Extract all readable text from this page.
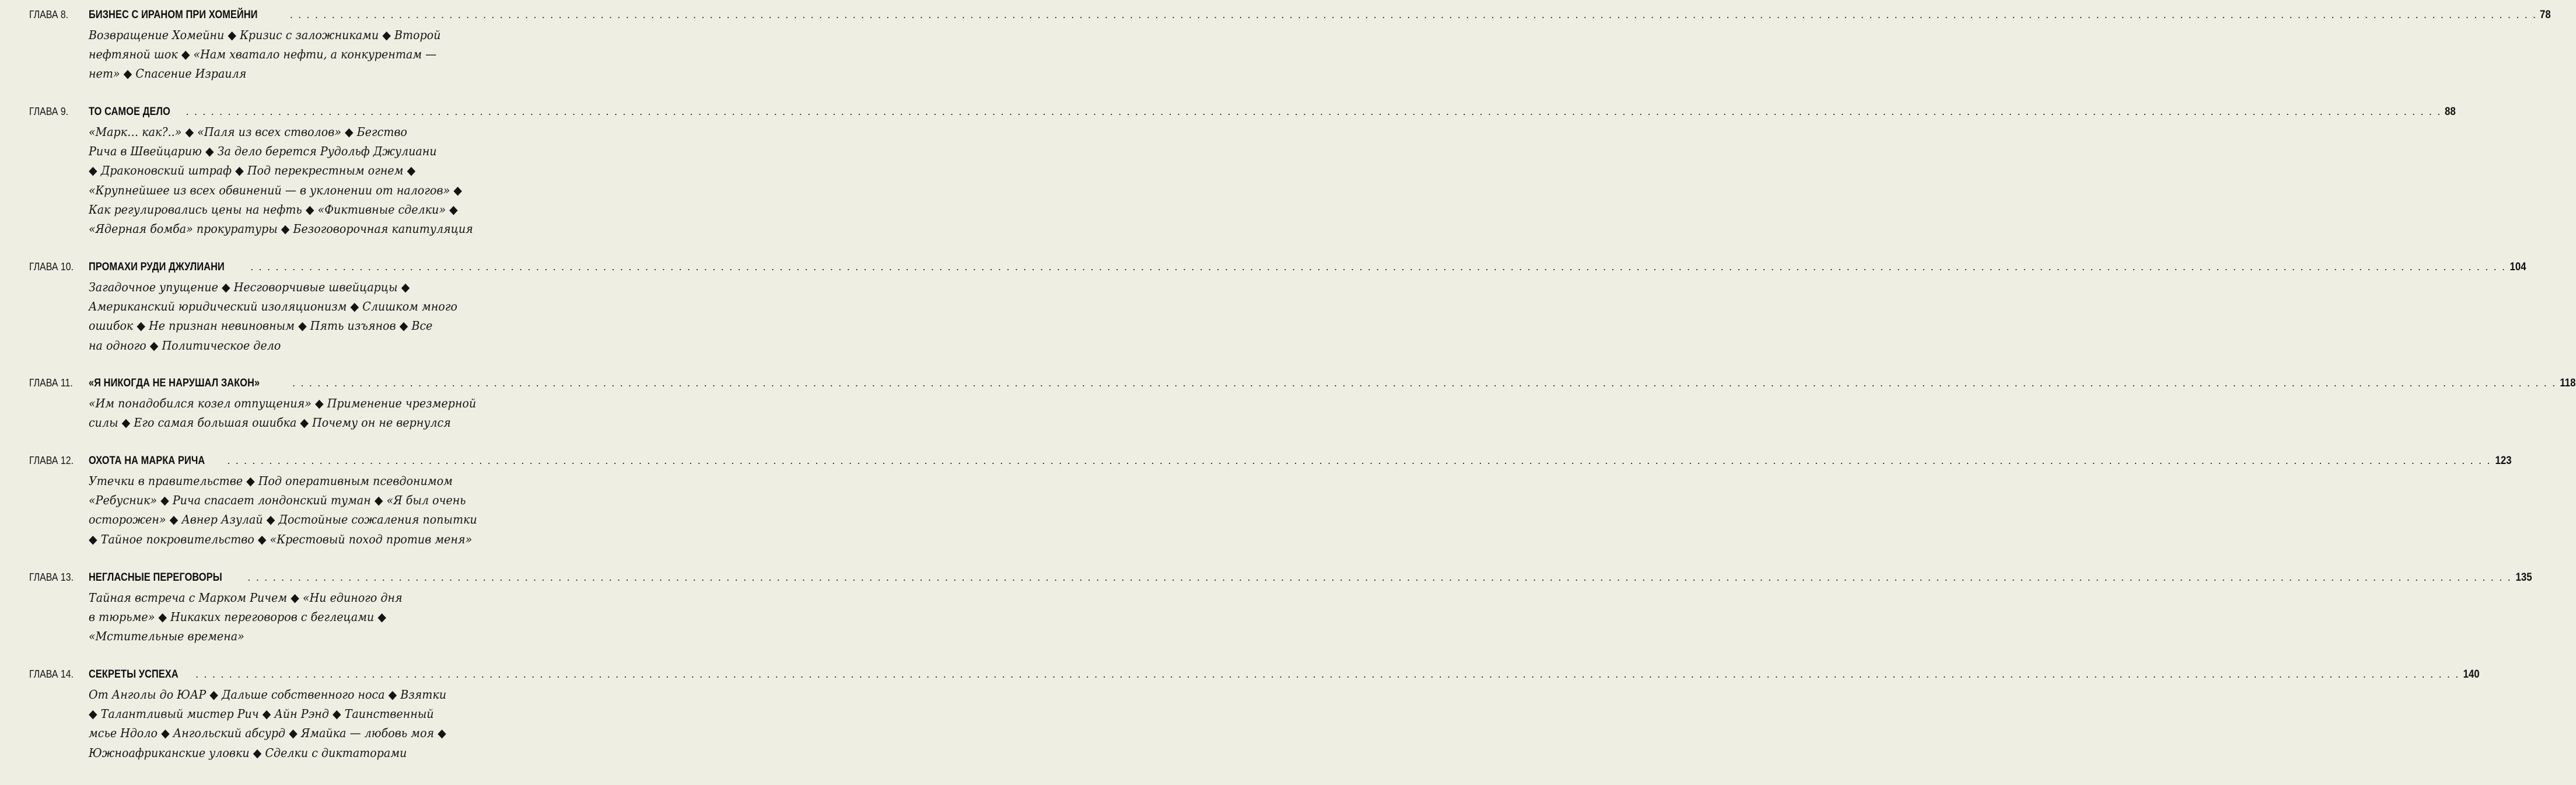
ГЛАВА 8.	БИЗНЕС С ИРАНОМ ПРИ ХОМЕЙНИ	. . . . . . . . . . . . . . . . . . . . . . . . . . . . . . . . . . . . . . . . . . . . . . . . . . . . . . . . . . . . . . . . . . . . . . . . . . . . . . . . . . . . . . . . . . . . . . . . . . . . . . . . . . . . . . . . . . . . . . . . . . . . . . . . . . . . . . . . . . . . . . . . . . . . . . . . . . . . . . . . . . . . . . . . . . . . . . . . . . . . . . . . . . . . . . . . . . . . . . . . . . . . . . . . . . . . . . . . . . . . . . . . . . . . . . . . . . . . . . . . . . . . . . . . . . . . . . . . . . . . . . . . . . . . 78
Возвращение Хомейни ◆ Кризис с заложниками ◆ Второй
нефтяной шок ◆ «Нам хватало нефти, а конкурентам —
нет» ◆ Спасение Израиля
ГЛАВА 9.	ТО САМОЕ ДЕЛО . . . . . . . . . . . . . . . . . . . . . . . . . . . . . . . . . . . . . . . . . . . . . . . . . . . . . . . . . . . . . . . . . . . . . . . . . . . . . . . . . . . . . . . . . . . . . . . . . . . . . . . . . . . . . . . . . . . . . . . . . . . . . . . . . . . . . . . . . . . . . . . . . . . . . . . . . . . . . . . . . . . . . . . . . . . . . . . . . . . . . . . . . . . . . . . . . . . . . . . . . . . . . . . . . . . . . . . . . . . . . . . . . . . . . . . . . . . . . . . . . . . . . . . . . . . . . . . . . . . . . . . . . . . . . 88
«Марк… как?..» ◆ «Паля из всех стволов» ◆ Бегство
Рича в Швейцарию ◆ За дело берется Рудольф Джулиани
◆ Драконовский штраф ◆ Под перекрестным огнем ◆
«Крупнейшее из всех обвинений — в уклонении от налогов» ◆
Как регулировались цены на нефть ◆ «Фиктивные сделки» ◆
«Ядерная бомба» прокуратуры ◆ Безоговорочная капитуляция
ГЛАВА 10.	ПРОМАХИ РУДИ ДЖУЛИАНИ . . . . . . . . . . . . . . . . . . . . . . . . . . . . . . . . . . . . . . . . . . . . . . . . . . . . . . . . . . . . . . . . . . . . . . . . . . . . . . . . . . . . . . . . . . . . . . . . . . . . . . . . . . . . . . . . . . . . . . . . . . . . . . . . . . . . . . . . . . . . . . . . . . . . . . . . . . . . . . . . . . . . . . . . . . . . . . . . . . . . . . . . . . . . . . . . . . . . . . . . . . . . . . . . . . . . . . . . . . . . . . . . . . . . . . . . . . . . . . . . . . . . . . . . . . . . . . . . . . . . . . . . . . . . . 104
Загадочное упущение ◆ Несговорчивые швейцарцы ◆
Американский юридический изоляционизм ◆ Слишком много
ошибок ◆ Не признан невиновным ◆ Пять изъянов ◆ Все
на одного ◆ Политическое дело
ГЛАВА 11.	«Я НИКОГДА НЕ НАРУШАЛ ЗАКОН»	. . . . . . . . . . . . . . . . . . . . . . . . . . . . . . . . . . . . . . . . . . . . . . . . . . . . . . . . . . . . . . . . . . . . . . . . . . . . . . . . . . . . . . . . . . . . . . . . . . . . . . . . . . . . . . . . . . . . . . . . . . . . . . . . . . . . . . . . . . . . . . . . . . . . . . . . . . . . . . . . . . . . . . . . . . . . . . . . . . . . . . . . . . . . . . . . . . . . . . . . . . . . . . . . . . . . . . . . . . . . . . . . . . . . . . . . . . . . . . . . . . . . . . . . . . . . . . . . . . . . . . . . . . . . . . 118
«Им понадобился козел отпущения» ◆ Применение чрезмерной
силы ◆ Его самая большая ошибка ◆ Почему он не вернулся
ГЛАВА 12.	ОХОТА НА МАРКА РИЧА . . . . . . . . . . . . . . . . . . . . . . . . . . . . . . . . . . . . . . . . . . . . . . . . . . . . . . . . . . . . . . . . . . . . . . . . . . . . . . . . . . . . . . . . . . . . . . . . . . . . . . . . . . . . . . . . . . . . . . . . . . . . . . . . . . . . . . . . . . . . . . . . . . . . . . . . . . . . . . . . . . . . . . . . . . . . . . . . . . . . . . . . . . . . . . . . . . . . . . . . . . . . . . . . . . . . . . . . . . . . . . . . . . . . . . . . . . . . . . . . . . . . . . . . . . . . . . . . . . . . . . . . . . . . . . 123
Утечки в правительстве ◆ Под оперативным псевдонимом
«Ребусник» ◆ Рича спасает лондонский туман ◆ «Я был очень
осторожен» ◆ Авнер Азулай ◆ Достойные сожаления попытки
◆ Тайное покровительство ◆ «Крестовый поход против меня»
ГЛАВА 13.	НЕГЛАСНЫЕ ПЕРЕГОВОРЫ . . . . . . . . . . . . . . . . . . . . . . . . . . . . . . . . . . . . . . . . . . . . . . . . . . . . . . . . . . . . . . . . . . . . . . . . . . . . . . . . . . . . . . . . . . . . . . . . . . . . . . . . . . . . . . . . . . . . . . . . . . . . . . . . . . . . . . . . . . . . . . . . . . . . . . . . . . . . . . . . . . . . . . . . . . . . . . . . . . . . . . . . . . . . . . . . . . . . . . . . . . . . . . . . . . . . . . . . . . . . . . . . . . . . . . . . . . . . . . . . . . . . . . . . . . . . . . . . . . . . . . . . . . . . . . 135
Тайная встреча с Марком Ричем ◆ «Ни единого дня
в тюрьме» ◆ Никаких переговоров с беглецами ◆
«Мстительные времена»
ГЛАВА 14.	СЕКРЕТЫ УСПЕХА . . . . . . . . . . . . . . . . . . . . . . . . . . . . . . . . . . . . . . . . . . . . . . . . . . . . . . . . . . . . . . . . . . . . . . . . . . . . . . . . . . . . . . . . . . . . . . . . . . . . . . . . . . . . . . . . . . . . . . . . . . . . . . . . . . . . . . . . . . . . . . . . . . . . . . . . . . . . . . . . . . . . . . . . . . . . . . . . . . . . . . . . . . . . . . . . . . . . . . . . . . . . . . . . . . . . . . . . . . . . . . . . . . . . . . . . . . . . . . . . . . . . . . . . . . . . . . . . . . . . . . . . . . . . . . 140
От Анголы до ЮАР ◆ Дальше собственного носа ◆ Взятки
◆ Талантливый мистер Рич ◆ Айн Рэнд ◆ Таинственный
мсье Ндоло ◆ Ангольский абсурд ◆ Ямайка — любовь моя ◆
Южноафриканские уловки ◆ Сделки с диктаторами
